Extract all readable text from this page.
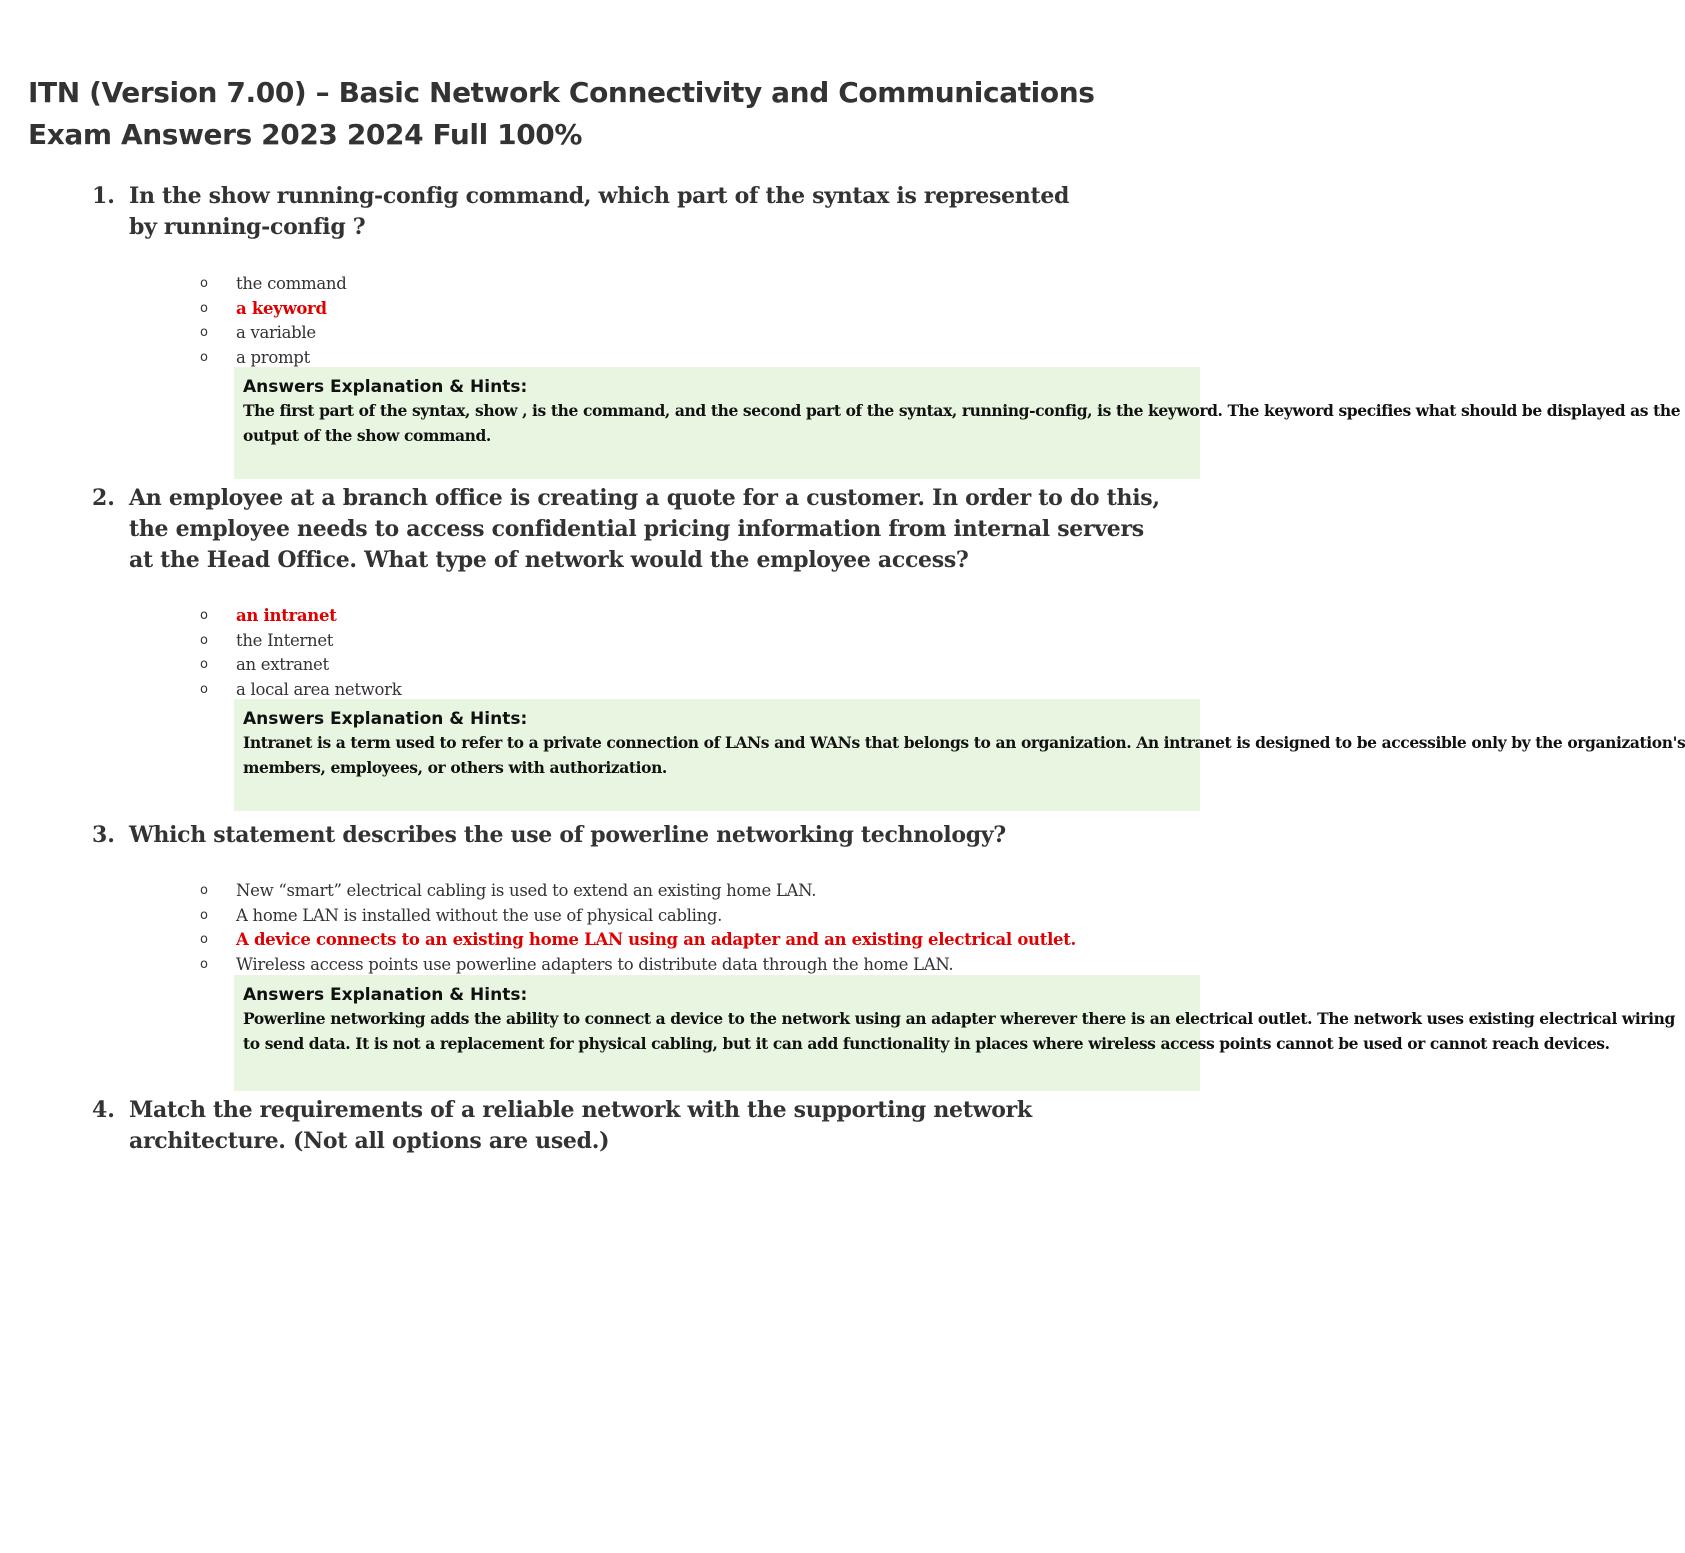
ITN (Version 7.00) – Basic Network Connectivity and Communications Exam Answers 2023 2024 Full 100%
1. In the show running-config command, which part of the syntax is represented by running-config ?

o the command
o a keyword
o a variable
o a prompt
Answers Explanation & Hints:
The first part of the syntax, show , is the command, and the second part of the syntax, running-config, is the keyword. The keyword specifies what should be displayed as the
output of the show command.
2. An employee at a branch office is creating a quote for a customer. In order to do this, the employee needs to access confidential pricing information from internal servers at the Head Office. What type of network would the employee access?

o an intranet
o the Internet
o an extranet
o a local area network
Answers Explanation & Hints:
Intranet is a term used to refer to a private connection of LANs and WANs that belongs to an organization. An intranet is designed to be accessible only by the organization's
members, employees, or others with authorization.
3. Which statement describes the use of powerline networking technology?

o New “smart” electrical cabling is used to extend an existing home LAN.
o A home LAN is installed without the use of physical cabling.
o A device connects to an existing home LAN using an adapter and an existing electrical outlet.
o Wireless access points use powerline adapters to distribute data through the home LAN.
Answers Explanation & Hints:
Powerline networking adds the ability to connect a device to the network using an adapter wherever there is an electrical outlet. The network uses existing electrical wiring
to send data. It is not a replacement for physical cabling, but it can add functionality in places where wireless access points cannot be used or cannot reach devices.
4. Match the requirements of a reliable network with the supporting network architecture. (Not all options are used.)
